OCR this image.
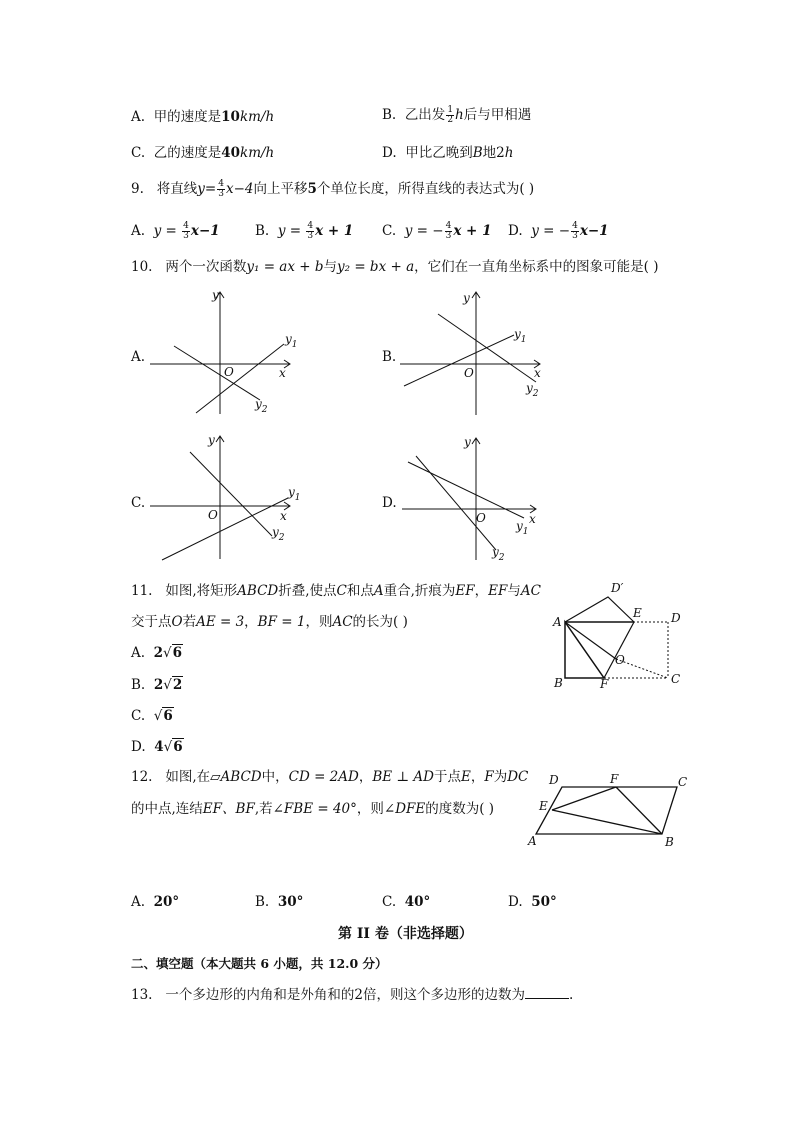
A. 甲的速度是10km/h	B. 乙出发 $\frac{1}{2}$ h后与甲相遇
C. 乙的速度是40km/h	D. 甲比乙晚到B地2h
9. 将直线$y= \frac{4}{3} x-4$向上平移5个单位长度，所得直线的表达式为( )
10. 两个一次函数y₁ = ax + b与y₂ = bx + a，它们在一直角坐标系中的图象可能是( )
A.	B.
C.	D.
y
x
O
$y_1$
$y_2$
y
x
O
$y_1$
$y_2$
y
x
O
$y_1$
$y_2$
y
x
O
$y_1$
$y_2$
11. 如图,将矩形ABCD折叠,使点C和点A重合,折痕为EF，EF与AC
交于点O若AE = 3，BF = 1，则AC的长为( )	A
B	C
D
D′
E
F
O
12. 如图,在▱ABCD中，CD = 2AD，BE ⊥ AD于点E，F为DC
的中点,连结EF、BF,若∠FBE = 40°，则∠DFE的度数为( )
D	F	C
E
A	B
第 II 卷（非选择题）
二、填空题（本大题共 6 小题，共 12.0 分）
13. 一个多边形的内角和是外角和的2倍，则这个多边形的边数为	.
A. $y = \frac{4}{3} x-1$	B. $y = \frac{4}{3}$ x + 1 C. y = − $\frac{4}{3}$ x + 1 D. y = − $\frac{4}{3} x-1$
A. 2√6
B. 2√2
C. √6
D. 4√6
A. 20°	B. 30°	C. 40°	D. 50°
